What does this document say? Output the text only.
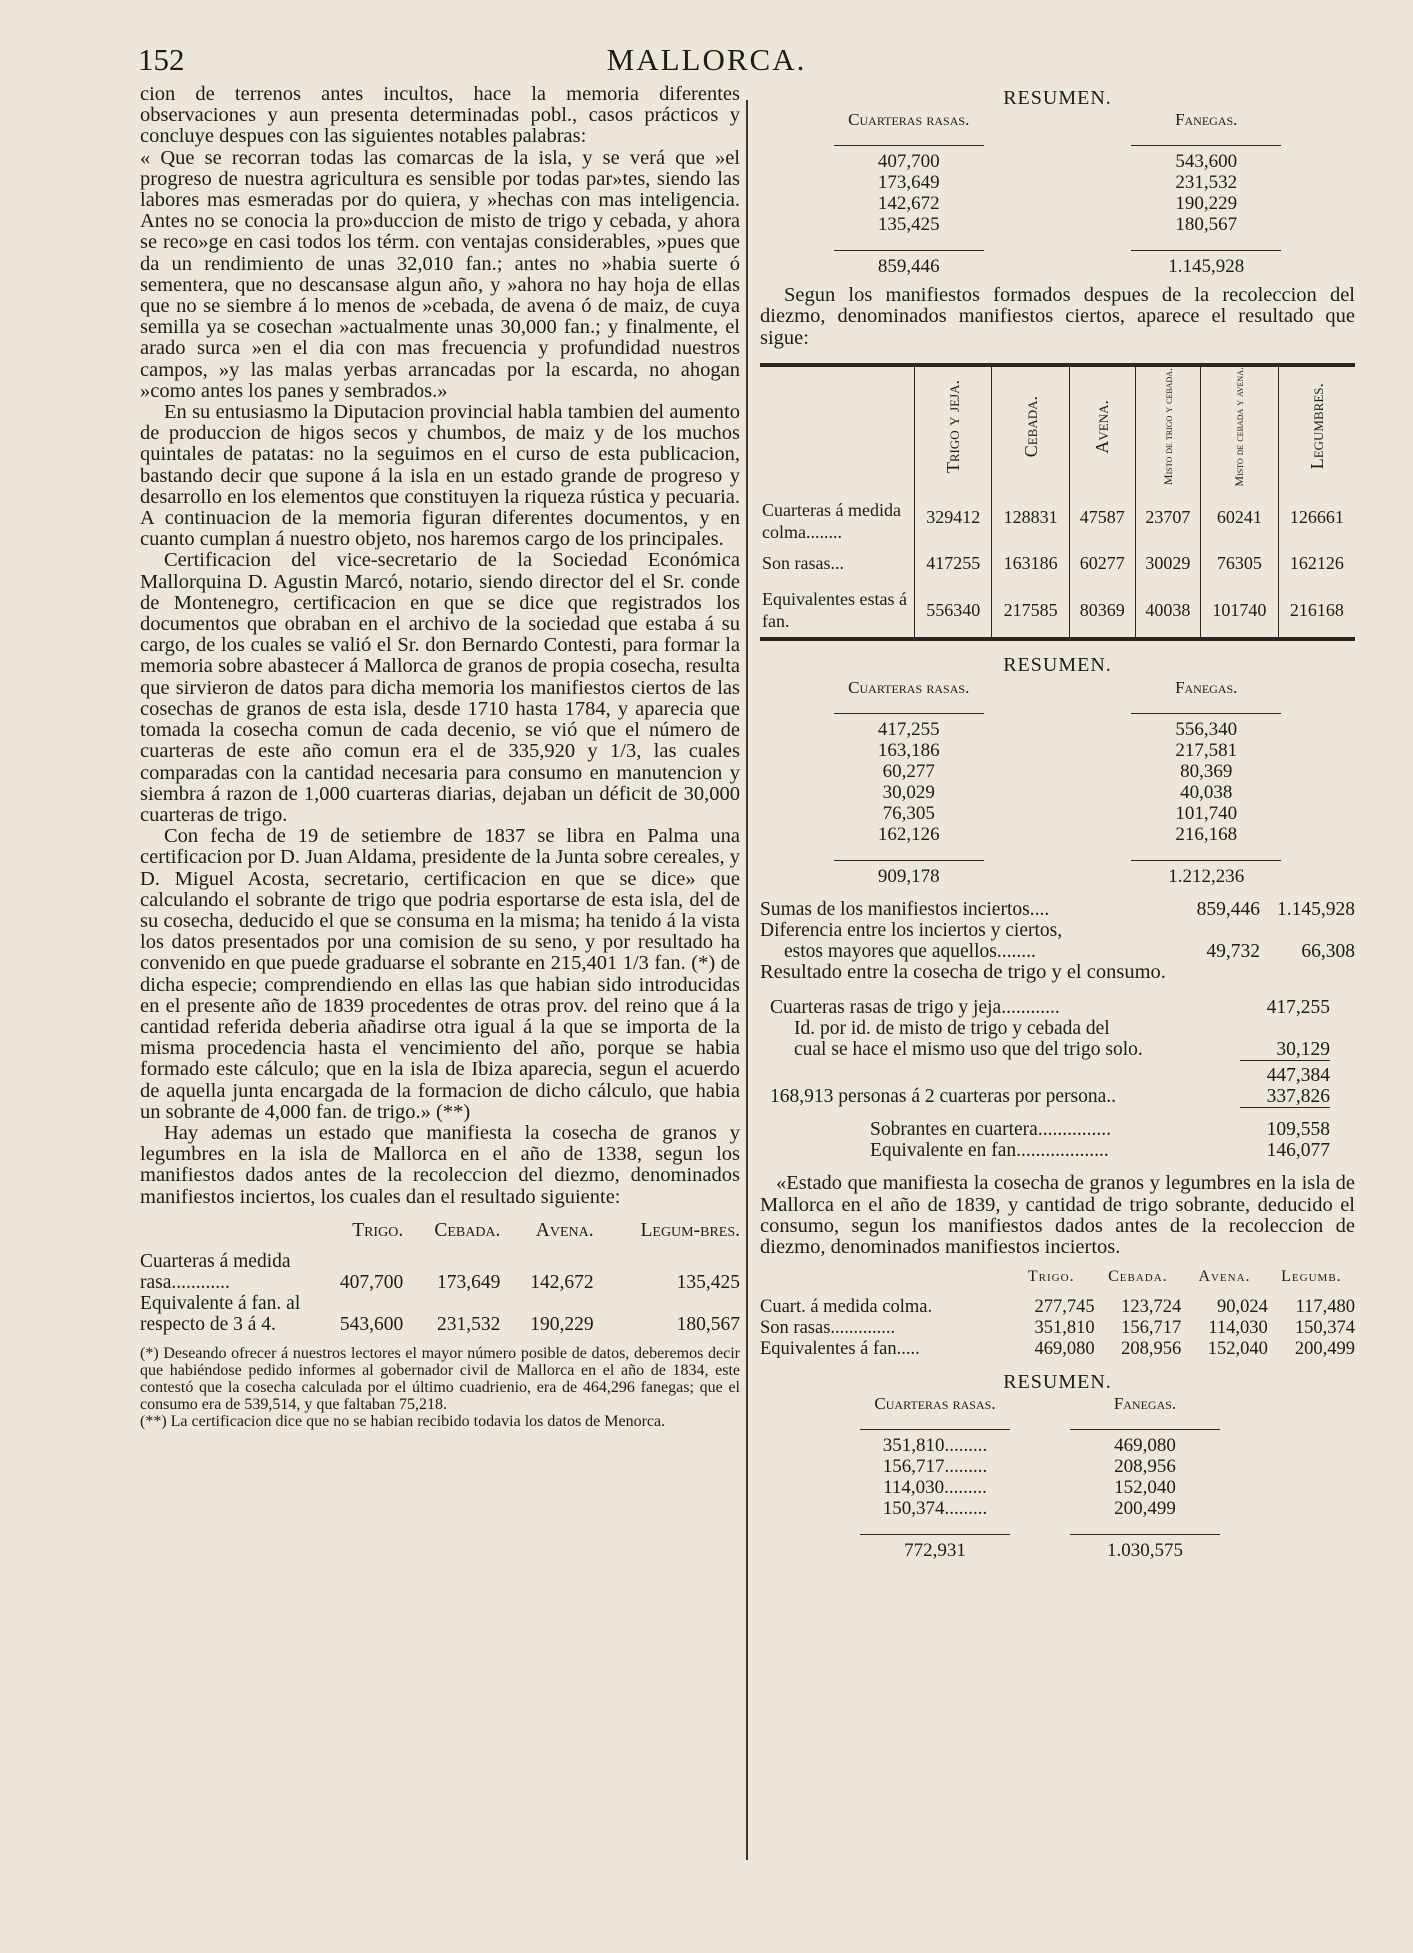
152	MALLORCA.

cion de terrenos antes incultos, hace la memoria diferentes observaciones y aun presenta determinadas pobl., casos prácticos y concluye despues con las siguientes notables palabras:

« Que se recorran todas las comarcas de la isla, y se verá que »el progreso de nuestra agricultura es sensible por todas par»tes, siendo las labores mas esmeradas por do quiera, y »hechas con mas inteligencia. Antes no se conocia la pro»duccion de misto de trigo y cebada, y ahora se reco»ge en casi todos los térm. con ventajas considerables, »pues que da un rendimiento de unas 32,010 fan.; antes no »habia suerte ó sementera, que no descansase algun año, y »ahora no hay hoja de ellas que no se siembre á lo menos de »cebada, de avena ó de maiz, de cuya semilla ya se cosechan »actualmente unas 30,000 fan.; y finalmente, el arado surca »en el dia con mas frecuencia y profundidad nuestros campos, »y las malas yerbas arrancadas por la escarda, no ahogan »como antes los panes y sembrados.»

En su entusiasmo la Diputacion provincial habla tambien del aumento de produccion de higos secos y chumbos, de maiz y de los muchos quintales de patatas: no la seguimos en el curso de esta publicacion, bastando decir que supone á la isla en un estado grande de progreso y desarrollo en los elementos que constituyen la riqueza rústica y pecuaria. A continuacion de la memoria figuran diferentes documentos, y en cuanto cumplan á nuestro objeto, nos haremos cargo de los principales.

Certificacion del vice-secretario de la Sociedad Económica Mallorquina D. Agustin Marcó, notario, siendo director del el Sr. conde de Montenegro, certificacion en que se dice que registrados los documentos que obraban en el archivo de la sociedad que estaba á su cargo, de los cuales se valió el Sr. don Bernardo Contesti, para formar la memoria sobre abastecer á Mallorca de granos de propia cosecha, resulta que sirvieron de datos para dicha memoria los manifiestos ciertos de las cosechas de granos de esta isla, desde 1710 hasta 1784, y aparecia que tomada la cosecha comun de cada decenio, se vió que el número de cuarteras de este año comun era el de 335,920 y 1/3, las cuales comparadas con la cantidad necesaria para consumo en manutencion y siembra á razon de 1,000 cuarteras diarias, dejaban un déficit de 30,000 cuarteras de trigo.

Con fecha de 19 de setiembre de 1837 se libra en Palma una certificacion por D. Juan Aldama, presidente de la Junta sobre cereales, y D. Miguel Acosta, secretario, certificacion en que se dice» que calculando el sobrante de trigo que podria esportarse de esta isla, del de su cosecha, deducido el que se consuma en la misma; ha tenido á la vista los datos presentados por una comision de su seno, y por resultado ha convenido en que puede graduarse el sobrante en 215,401 1/3 fan. (*) de dicha especie; comprendiendo en ellas las que habian sido introducidas en el presente año de 1839 procedentes de otras prov. del reino que á la cantidad referida deberia añadirse otra igual á la que se importa de la misma procedencia hasta el vencimiento del año, porque se habia formado este cálculo; que en la isla de Ibiza aparecia, segun el acuerdo de aquella junta encargada de la formacion de dicho cálculo, que habia un sobrante de 4,000 fan. de trigo.» (**)

Hay ademas un estado que manifiesta la cosecha de granos y legumbres en la isla de Mallorca en el año de 1338, segun los manifiestos dados antes de la recoleccion del diezmo, denominados manifiestos inciertos, los cuales dan el resultado siguiente:

	Trigo.	Cebada.	Avena.	Legum-bres.

Cuarteras á medida rasa............	407,700	173,649	142,672	135,425
Equivalente á fan. al respecto de 3 á 4.	543,600	231,532	190,229	180,567

(*) Deseando ofrecer á nuestros lectores el mayor número posible de datos, deberemos decir que habiéndose pedido informes al gobernador civil de Mallorca en el año de 1834, este contestó que la cosecha calculada por el último cuadrienio, era de 464,296 fanegas; que el consumo era de 539,514, y que faltaban 75,218.

(**) La certificacion dice que no se habian recibido todavia los datos de Menorca.

RESUMEN.
Cuarteras rasas.	Fanegas.

407,700	543,600
173,649	231,532
142,672	190,229
135,425	180,567

859,446	1.145,928

Segun los manifiestos formados despues de la recoleccion del diezmo, denominados manifiestos ciertos, aparece el resultado que sigue:

	Trigo y jeja.	Cebada.	Avena.	Misto de trigo y cebada.	Misto de cebada y avena.	Legumbres.
Cuarteras á medida colma........	329412	128831	47587	23707	60241	126661
Son rasas...	417255	163186	60277	30029	76305	162126
Equivalentes estas á fan.	556340	217585	80369	40038	101740	216168
RESUMEN.
Cuarteras rasas.	Fanegas.

417,255	556,340
163,186	217,581
60,277	80,369
30,029	40,038
76,305	101,740
162,126	216,168

909,178	1.212,236
Sumas de los manifiestos inciertos....	859,446	1.145,928
Diferencia entre los inciertos y ciertos,		
estos mayores que aquellos........	49,732	66,308
Resultado entre la cosecha de trigo y el consumo.
Cuarteras rasas de trigo y jeja............	417,255
Id. por id. de misto de trigo y cebada del	
cual se hace el mismo uso que del trigo solo.	30,129
	447,384
168,913 personas á 2 cuarteras por persona..	337,826

Sobrantes en cuartera...............	109,558
Equivalente en fan...................	146,077

«Estado que manifiesta la cosecha de granos y legumbres en la isla de Mallorca en el año de 1839, y cantidad de trigo sobrante, deducido el consumo, segun los manifiestos dados antes de la recoleccion de diezmo, denominados manifiestos inciertos.

	Trigo.	Cebada.	Avena.	Legumb.

Cuart. á medida colma.	277,745	123,724	90,024	117,480
Son rasas..............	351,810	156,717	114,030	150,374
Equivalentes á fan.....	469,080	208,956	152,040	200,499
RESUMEN.
Cuarteras rasas.	Fanegas.

351,810.........	469,080
156,717.........	208,956
114,030.........	152,040
150,374.........	200,499

772,931	1.030,575
